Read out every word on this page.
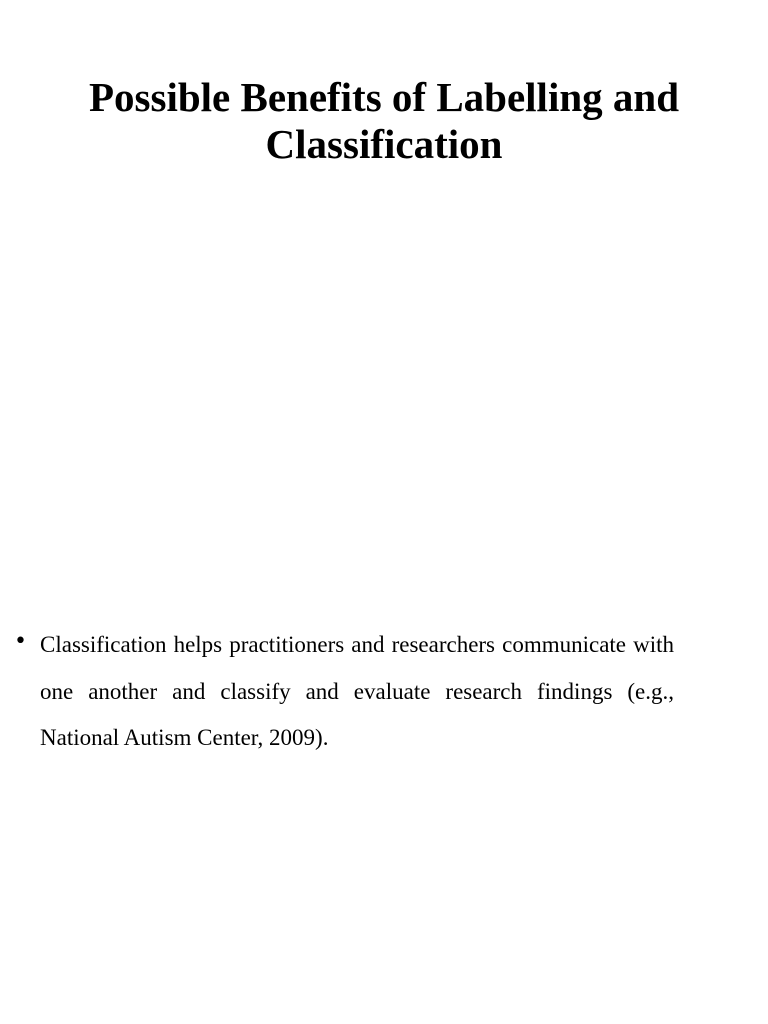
Possible Benefits of Labelling and Classification
• Classification helps practitioners and researchers communicate with one another and classify and evaluate research findings (e.g., National Autism Center, 2009).
